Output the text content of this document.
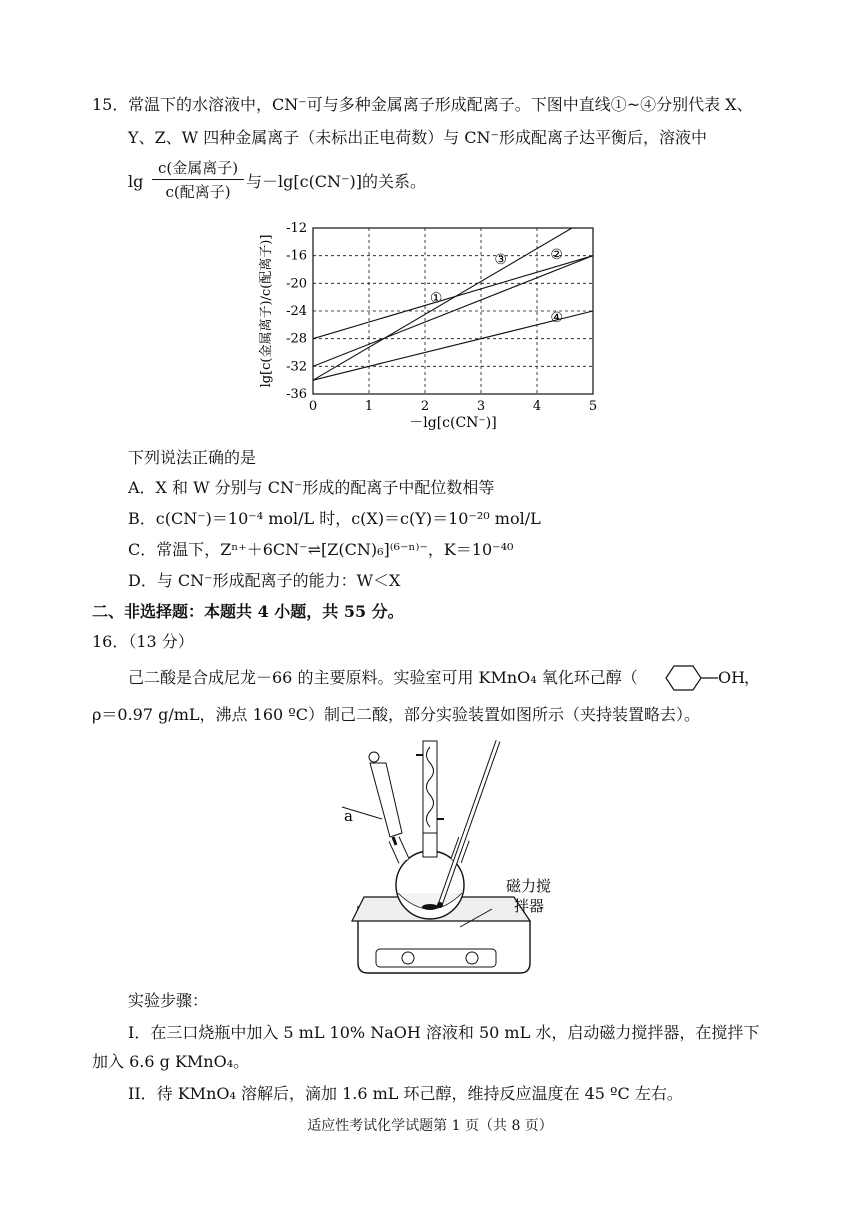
15． 常温下的水溶液中，CN⁻可与多种金属离子形成配离子。下图中直线①~④分别代表 X、
Y、Z、W 四种金属离子（未标出正电荷数）与 CN⁻形成配离子达平衡后，溶液中
lg
c(金属离子)
c(配离子)
与－lg[c(CN⁻)]的关系。
①
②
③
④
0	1	2	3	4	5
-12
-16
-20
-24
-28
-32
-36
lg[c(金属离子)/c(配离子)]
－lg[c(CN⁻)]
下列说法正确的是
A．X 和 W 分别与 CN⁻形成的配离子中配位数相等
B．c(CN⁻)＝10⁻⁴ mol/L 时，c(X)＝c(Y)＝10⁻²⁰ mol/L
C．常温下，Zⁿ⁺＋6CN⁻⇌[Z(CN)₆]⁽⁶⁻ⁿ⁾⁻，K＝10⁻⁴⁰
D．与 CN⁻形成配离子的能力：W＜X
二、非选择题：本题共 4 小题，共 55 分。
16．（13 分）
己二酸是合成尼龙－66 的主要原料。实验室可用 KMnO₄ 氧化环己醇（	OH
，
ρ＝0.97 g/mL，沸点 160 ºC）制己二酸，部分实验装置如图所示（夹持装置略去）。
a
磁力搅
拌器
实验步骤：
I．在三口烧瓶中加入 5 mL 10% NaOH 溶液和 50 mL 水，启动磁力搅拌器，在搅拌下
加入 6.6 g KMnO₄。
II．待 KMnO₄ 溶解后，滴加 1.6 mL 环己醇，维持反应温度在 45 ºC 左右。
适应性考试化学试题第 1 页（共 8 页）
